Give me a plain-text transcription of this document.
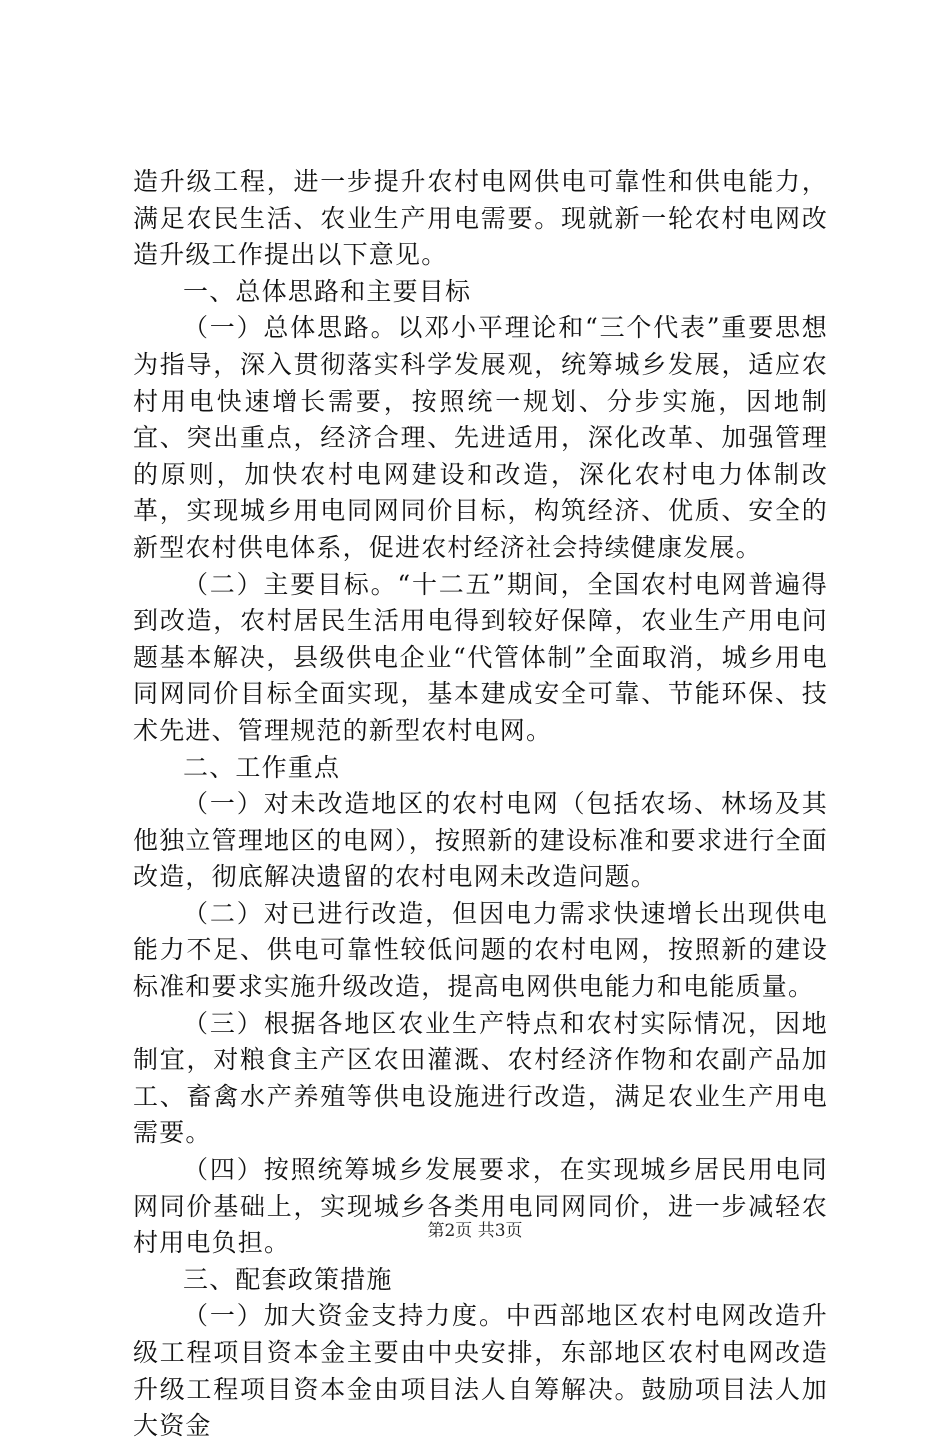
造升级工程，进一步提升农村电网供电可靠性和供电能力，满足农民生活、农业生产用电需要。现就新一轮农村电网改造升级工作提出以下意见。

一、总体思路和主要目标

（一）总体思路。以邓小平理论和“三个代表”重要思想为指导，深入贯彻落实科学发展观，统筹城乡发展，适应农村用电快速增长需要，按照统一规划、分步实施，因地制宜、突出重点，经济合理、先进适用，深化改革、加强管理的原则，加快农村电网建设和改造，深化农村电力体制改革，实现城乡用电同网同价目标，构筑经济、优质、安全的新型农村供电体系，促进农村经济社会持续健康发展。

（二）主要目标。“十二五”期间，全国农村电网普遍得到改造，农村居民生活用电得到较好保障，农业生产用电问题基本解决，县级供电企业“代管体制”全面取消，城乡用电同网同价目标全面实现，基本建成安全可靠、节能环保、技术先进、管理规范的新型农村电网。

二、工作重点

（一）对未改造地区的农村电网（包括农场、林场及其他独立管理地区的电网），按照新的建设标准和要求进行全面改造，彻底解决遗留的农村电网未改造问题。

（二）对已进行改造，但因电力需求快速增长出现供电能力不足、供电可靠性较低问题的农村电网，按照新的建设标准和要求实施升级改造，提高电网供电能力和电能质量。

（三）根据各地区农业生产特点和农村实际情况，因地制宜，对粮食主产区农田灌溉、农村经济作物和农副产品加工、畜禽水产养殖等供电设施进行改造，满足农业生产用电需要。

（四）按照统筹城乡发展要求，在实现城乡居民用电同网同价基础上，实现城乡各类用电同网同价，进一步减轻农村用电负担。

三、配套政策措施

（一）加大资金支持力度。中西部地区农村电网改造升级工程项目资本金主要由中央安排，东部地区农村电网改造升级工程项目资本金由项目法人自筹解决。鼓励项目法人加大资金

第2页 共3页
